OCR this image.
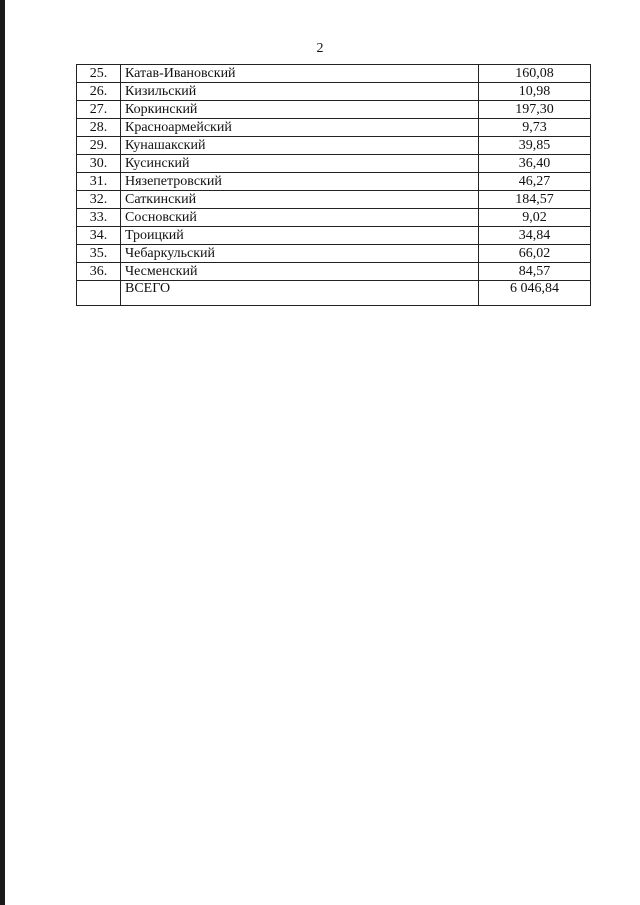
2
25.	Катав-Ивановский	160,08
26.	Кизильский	10,98
27.	Коркинский	197,30
28.	Красноармейский	9,73
29.	Кунашакский	39,85
30.	Кусинский	36,40
31.	Нязепетровский	46,27
32.	Саткинский	184,57
33.	Сосновский	9,02
34.	Троицкий	34,84
35.	Чебаркульский	66,02
36.	Чесменский	84,57
	ВСЕГО	6 046,84
